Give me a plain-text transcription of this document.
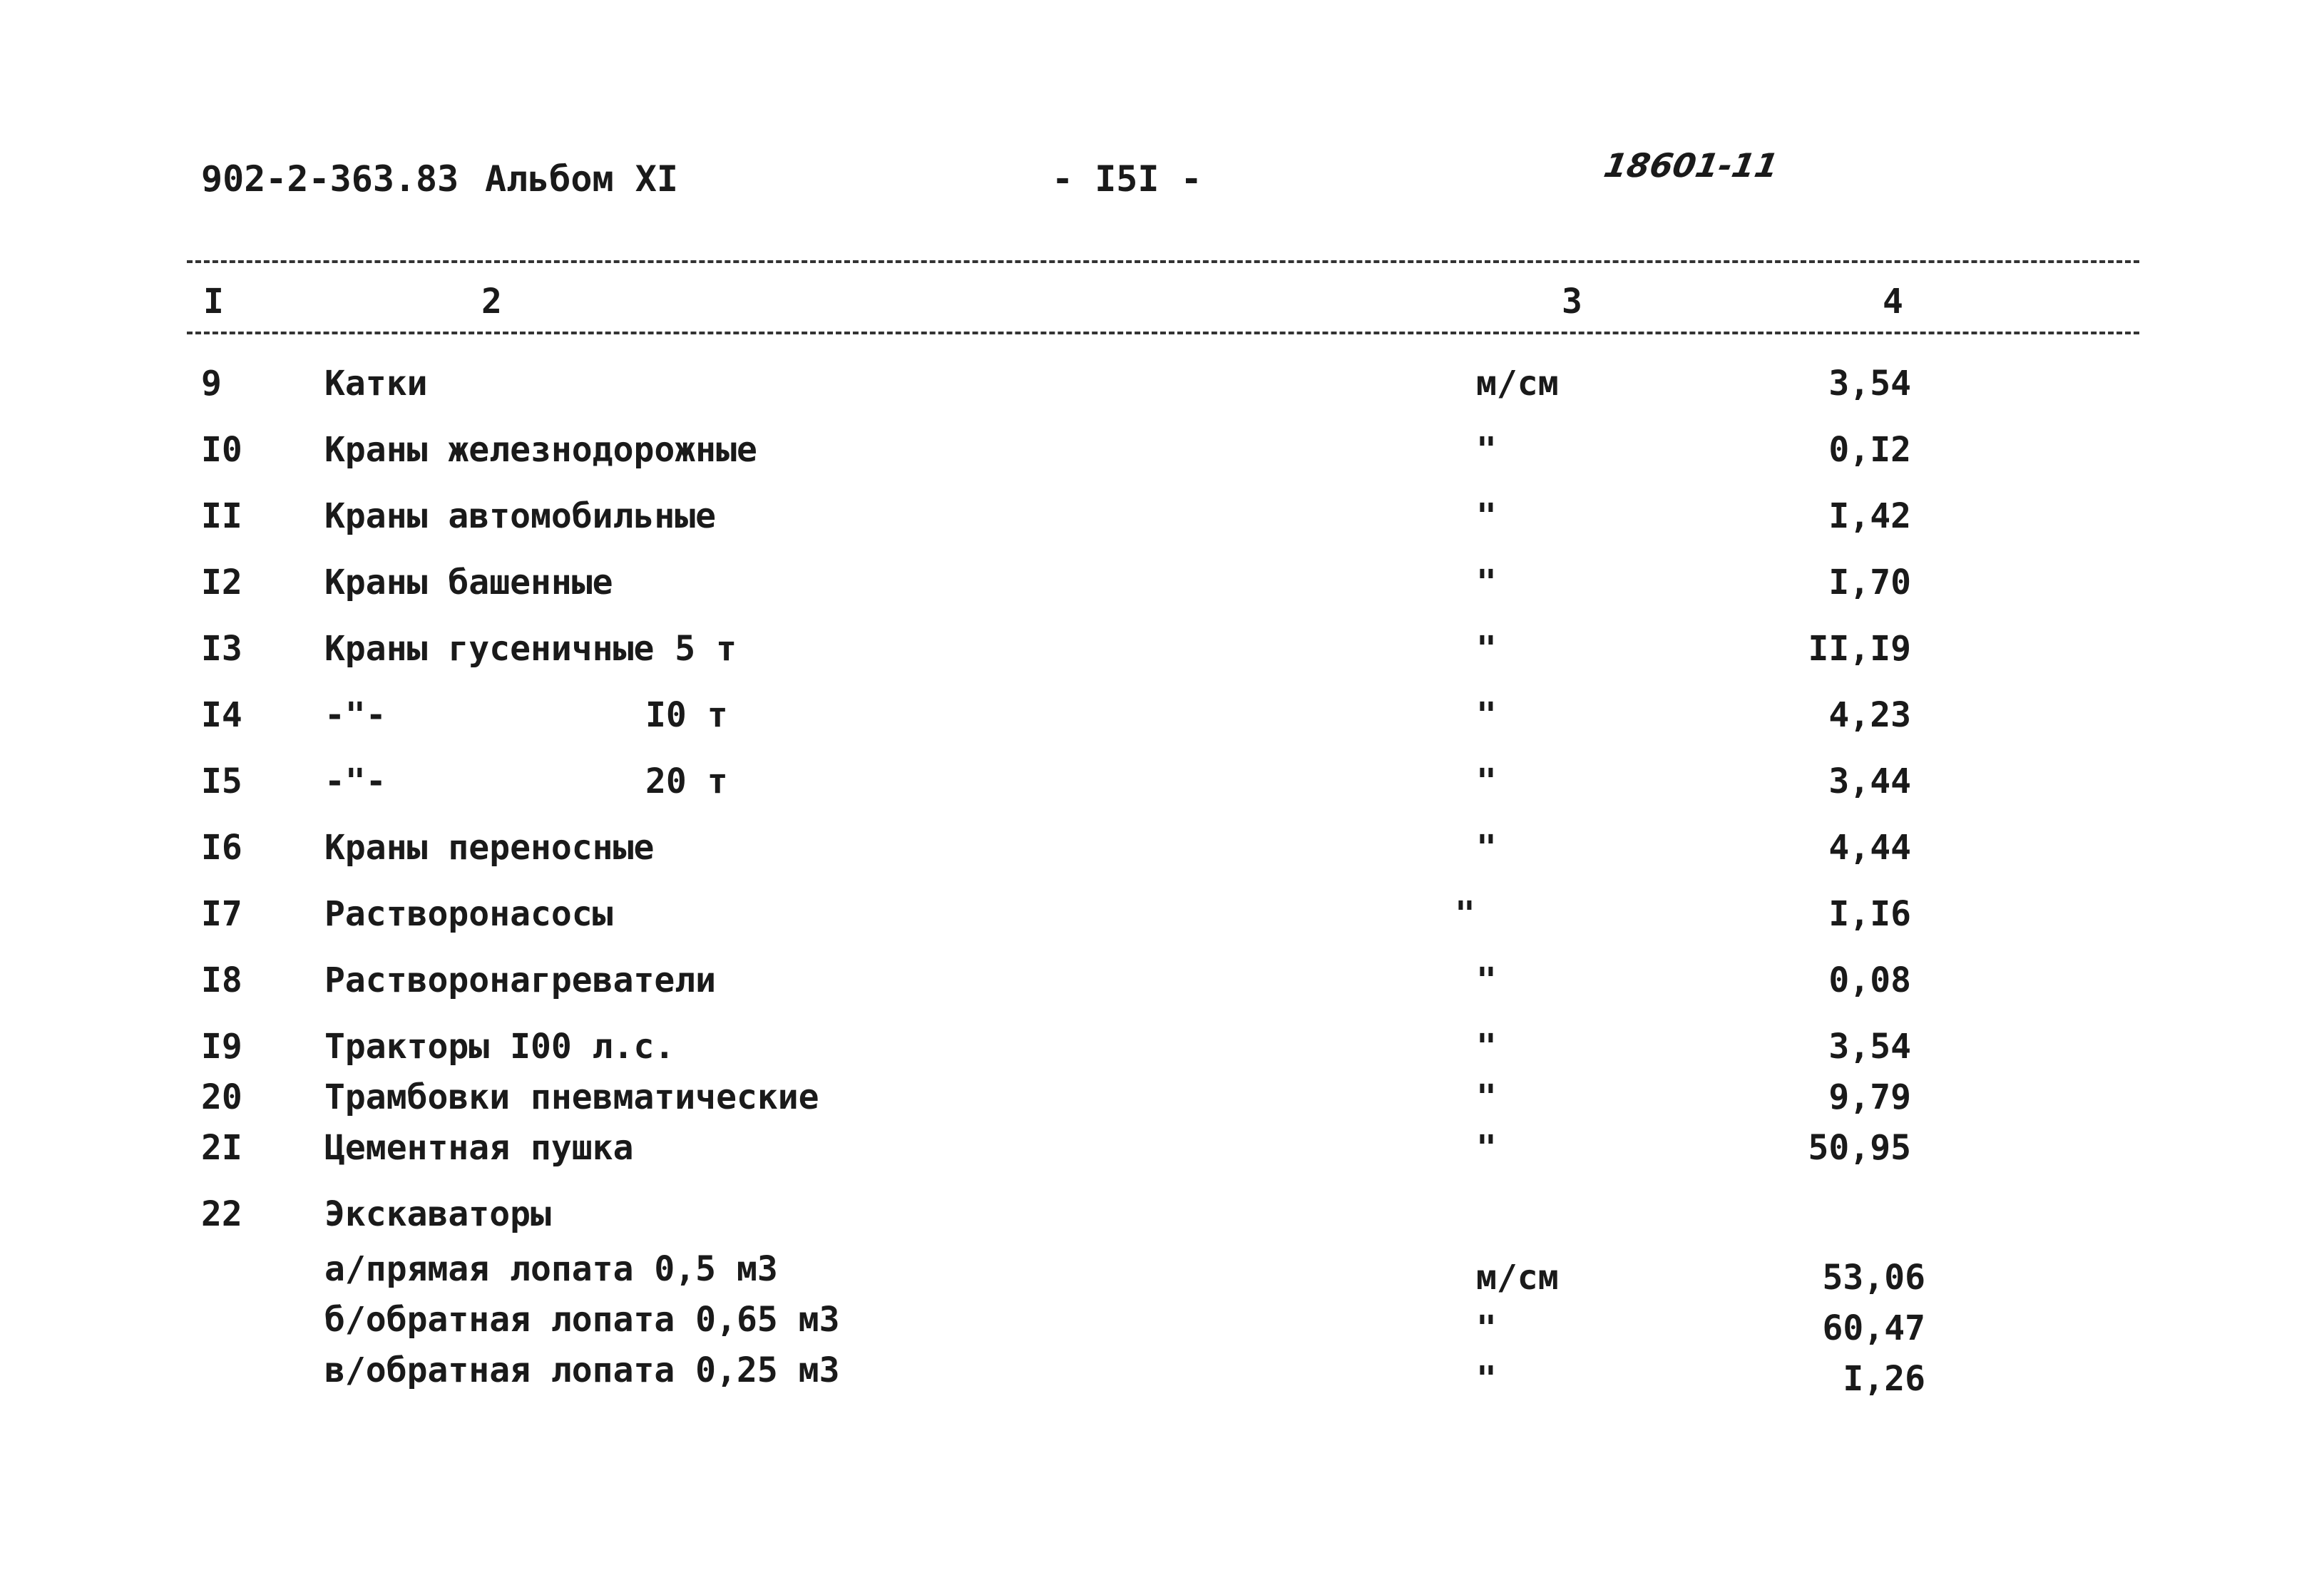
902-2-363.83 Альбом XI	- I5I -	18601-11
I	2	3	4
9	Катки	м/см	3,54
I0 Краны железнодорожные	"	0,I2
II Краны автомобильные	"	I,42
I2 Краны башенные	"	I,70
I3 Краны гусеничные 5 т	"	II,I9
I4 -"-	I0 т	"	4,23
I5 -"-	20 т	"	3,44
I6 Краны переносные	"	4,44
I7 Растворонасосы	"	I,I6
I8 Растворонагреватели	"	0,08
I9 Тракторы I00 л.с.	"	3,54
20 Трамбовки пневматические	"	9,79
2I Цементная пушка	"	50,95
22 Экскаваторы
а/прямая лопата 0,5 м3	м/см	53,06
б/обратная лопата 0,65 м3	"	60,47
в/обратная лопата 0,25 м3	"	I,26
